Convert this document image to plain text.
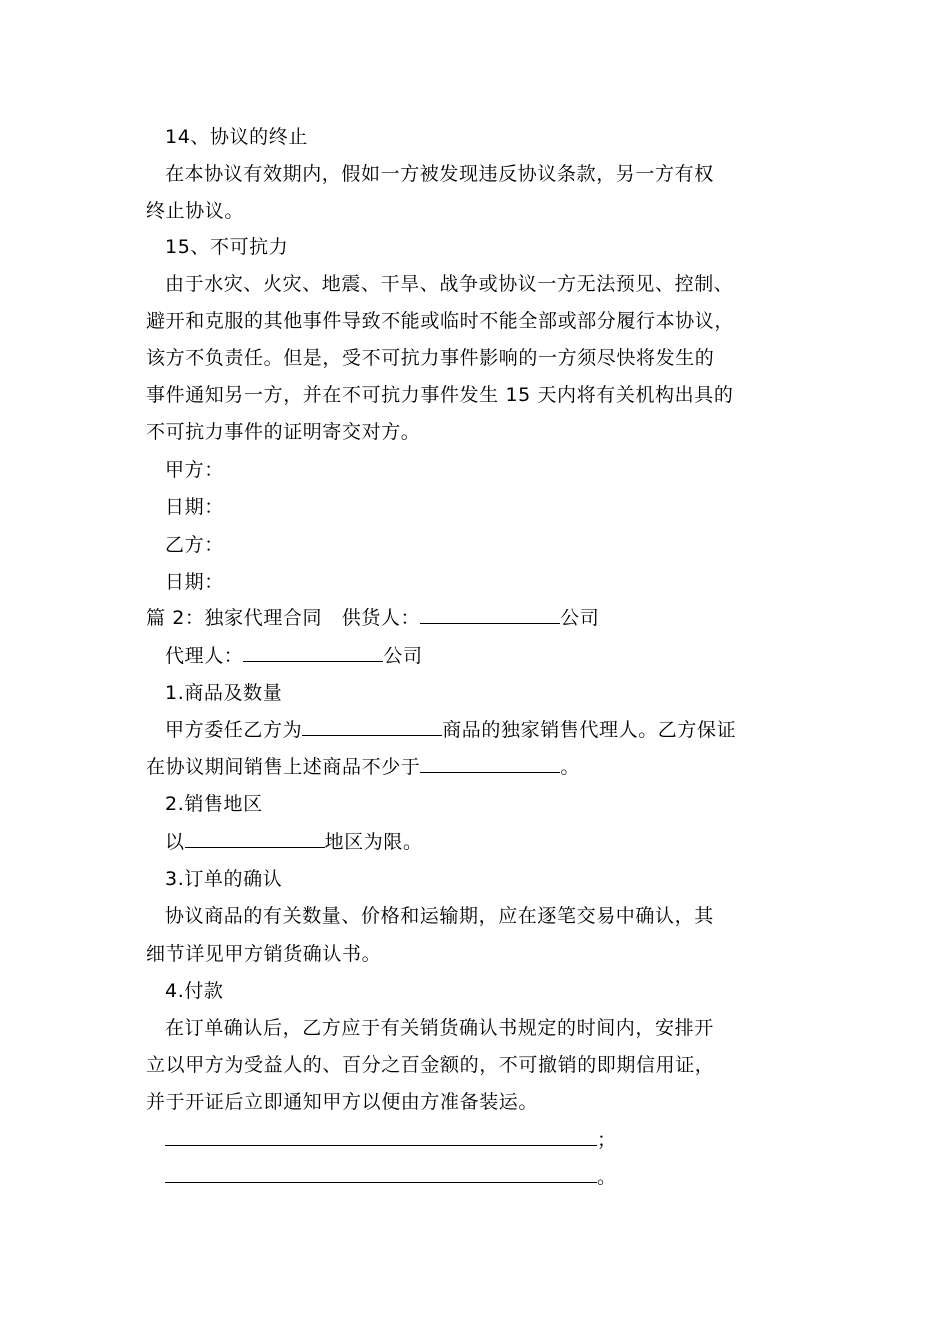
14、协议的终止
在本协议有效期内，假如一方被发现违反协议条款，另一方有权
终止协议。
15、不可抗力
由于水灾、火灾、地震、干旱、战争或协议一方无法预见、控制、
避开和克服的其他事件导致不能或临时不能全部或部分履行本协议，
该方不负责任。但是，受不可抗力事件影响的一方须尽快将发生的
事件通知另一方，并在不可抗力事件发生 15 天内将有关机构出具的
不可抗力事件的证明寄交对方。
甲方：
日期：
乙方：
日期：
篇 2：独家代理合同　供货人：	公司
代理人：	公司
1.商品及数量
甲方委任乙方为	商品的独家销售代理人。乙方保证
在协议期间销售上述商品不少于	。
2.销售地区
以	地区为限。
3.订单的确认
协议商品的有关数量、价格和运输期，应在逐笔交易中确认，其
细节详见甲方销货确认书。
4.付款
在订单确认后，乙方应于有关销货确认书规定的时间内，安排开
立以甲方为受益人的、百分之百金额的，不可撤销的即期信用证，
并于开证后立即通知甲方以便由方准备装运。
；
。
